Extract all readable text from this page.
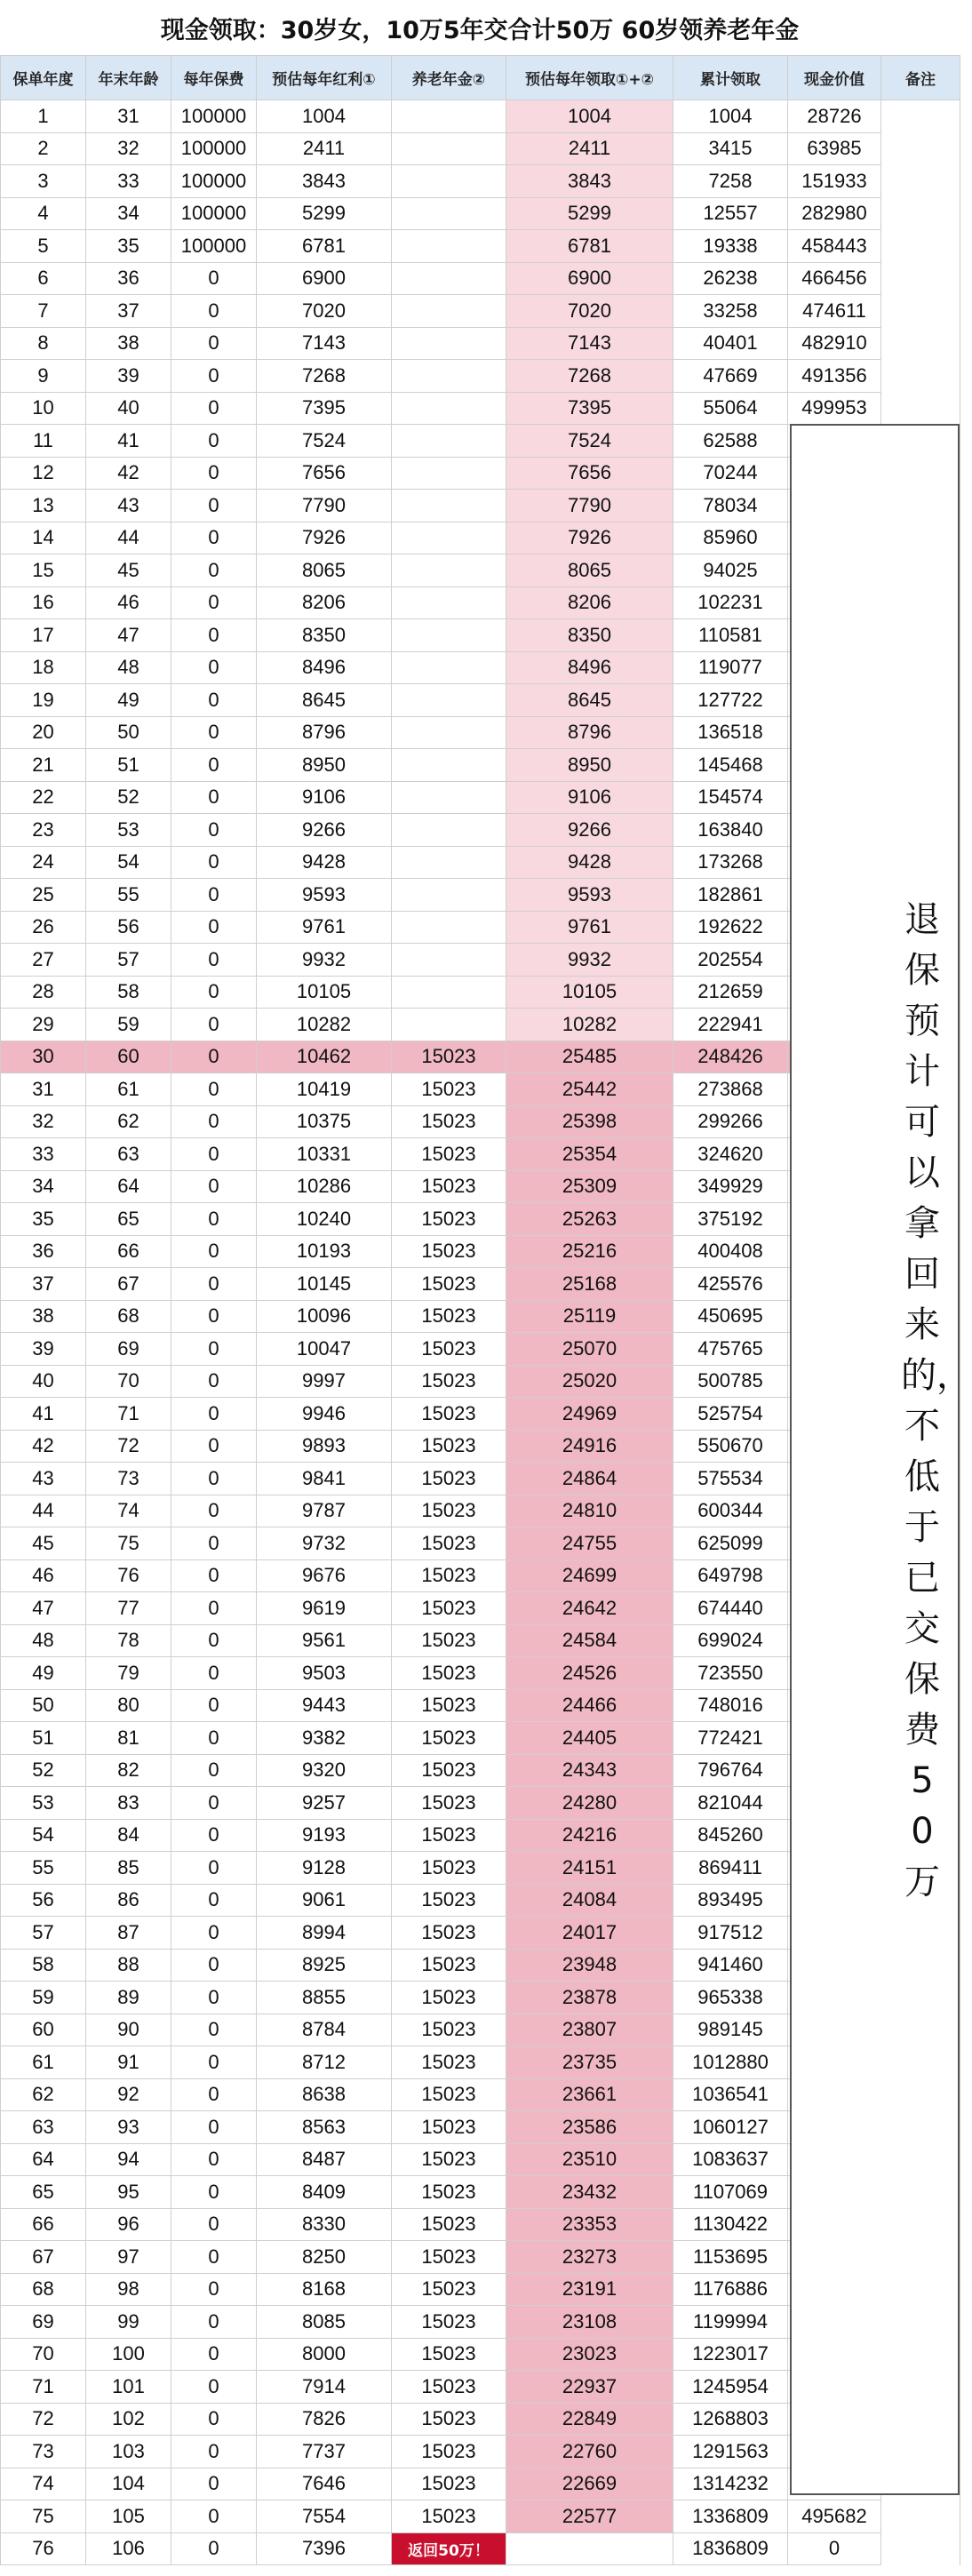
现金领取：30岁女，10万5年交合计50万 60岁领养老年金
保单年度	年末年龄	每年保费	预估每年红利①	养老年金②	预估每年领取①+②	累计领取	现金价值	备注
1	31	100000	1004		1004	1004	28726	
2	32	100000	2411		2411	3415	63985	
3	33	100000	3843		3843	7258	151933	
4	34	100000	5299		5299	12557	282980	
5	35	100000	6781		6781	19338	458443	
6	36	0	6900		6900	26238	466456	
7	37	0	7020		7020	33258	474611	
8	38	0	7143		7143	40401	482910	
9	39	0	7268		7268	47669	491356	
10	40	0	7395		7395	55064	499953	
11	41	0	7524		7524	62588		
12	42	0	7656		7656	70244		
13	43	0	7790		7790	78034		
14	44	0	7926		7926	85960		
15	45	0	8065		8065	94025		
16	46	0	8206		8206	102231		
17	47	0	8350		8350	110581		
18	48	0	8496		8496	119077		
19	49	0	8645		8645	127722		
20	50	0	8796		8796	136518		
21	51	0	8950		8950	145468		
22	52	0	9106		9106	154574		
23	53	0	9266		9266	163840		
24	54	0	9428		9428	173268		
25	55	0	9593		9593	182861		
26	56	0	9761		9761	192622		
27	57	0	9932		9932	202554		
28	58	0	10105		10105	212659		
29	59	0	10282		10282	222941		
30	60	0	10462	15023	25485	248426		
31	61	0	10419	15023	25442	273868		
32	62	0	10375	15023	25398	299266		
33	63	0	10331	15023	25354	324620		
34	64	0	10286	15023	25309	349929		
35	65	0	10240	15023	25263	375192		
36	66	0	10193	15023	25216	400408		
37	67	0	10145	15023	25168	425576		
38	68	0	10096	15023	25119	450695		
39	69	0	10047	15023	25070	475765		
40	70	0	9997	15023	25020	500785		
41	71	0	9946	15023	24969	525754		
42	72	0	9893	15023	24916	550670		
43	73	0	9841	15023	24864	575534		
44	74	0	9787	15023	24810	600344		
45	75	0	9732	15023	24755	625099		
46	76	0	9676	15023	24699	649798		
47	77	0	9619	15023	24642	674440		
48	78	0	9561	15023	24584	699024		
49	79	0	9503	15023	24526	723550		
50	80	0	9443	15023	24466	748016		
51	81	0	9382	15023	24405	772421		
52	82	0	9320	15023	24343	796764		
53	83	0	9257	15023	24280	821044		
54	84	0	9193	15023	24216	845260		
55	85	0	9128	15023	24151	869411		
56	86	0	9061	15023	24084	893495		
57	87	0	8994	15023	24017	917512		
58	88	0	8925	15023	23948	941460		
59	89	0	8855	15023	23878	965338		
60	90	0	8784	15023	23807	989145		
61	91	0	8712	15023	23735	1012880		
62	92	0	8638	15023	23661	1036541		
63	93	0	8563	15023	23586	1060127		
64	94	0	8487	15023	23510	1083637		
65	95	0	8409	15023	23432	1107069		
66	96	0	8330	15023	23353	1130422		
67	97	0	8250	15023	23273	1153695		
68	98	0	8168	15023	23191	1176886		
69	99	0	8085	15023	23108	1199994		
70	100	0	8000	15023	23023	1223017		
71	101	0	7914	15023	22937	1245954		
72	102	0	7826	15023	22849	1268803		
73	103	0	7737	15023	22760	1291563		
74	104	0	7646	15023	22669	1314232		
75	105	0	7554	15023	22577	1336809	495682	
76	106	0	7396	返回50万！		1836809	0	
退保预计可以拿回来的，不低于已交保费50万
